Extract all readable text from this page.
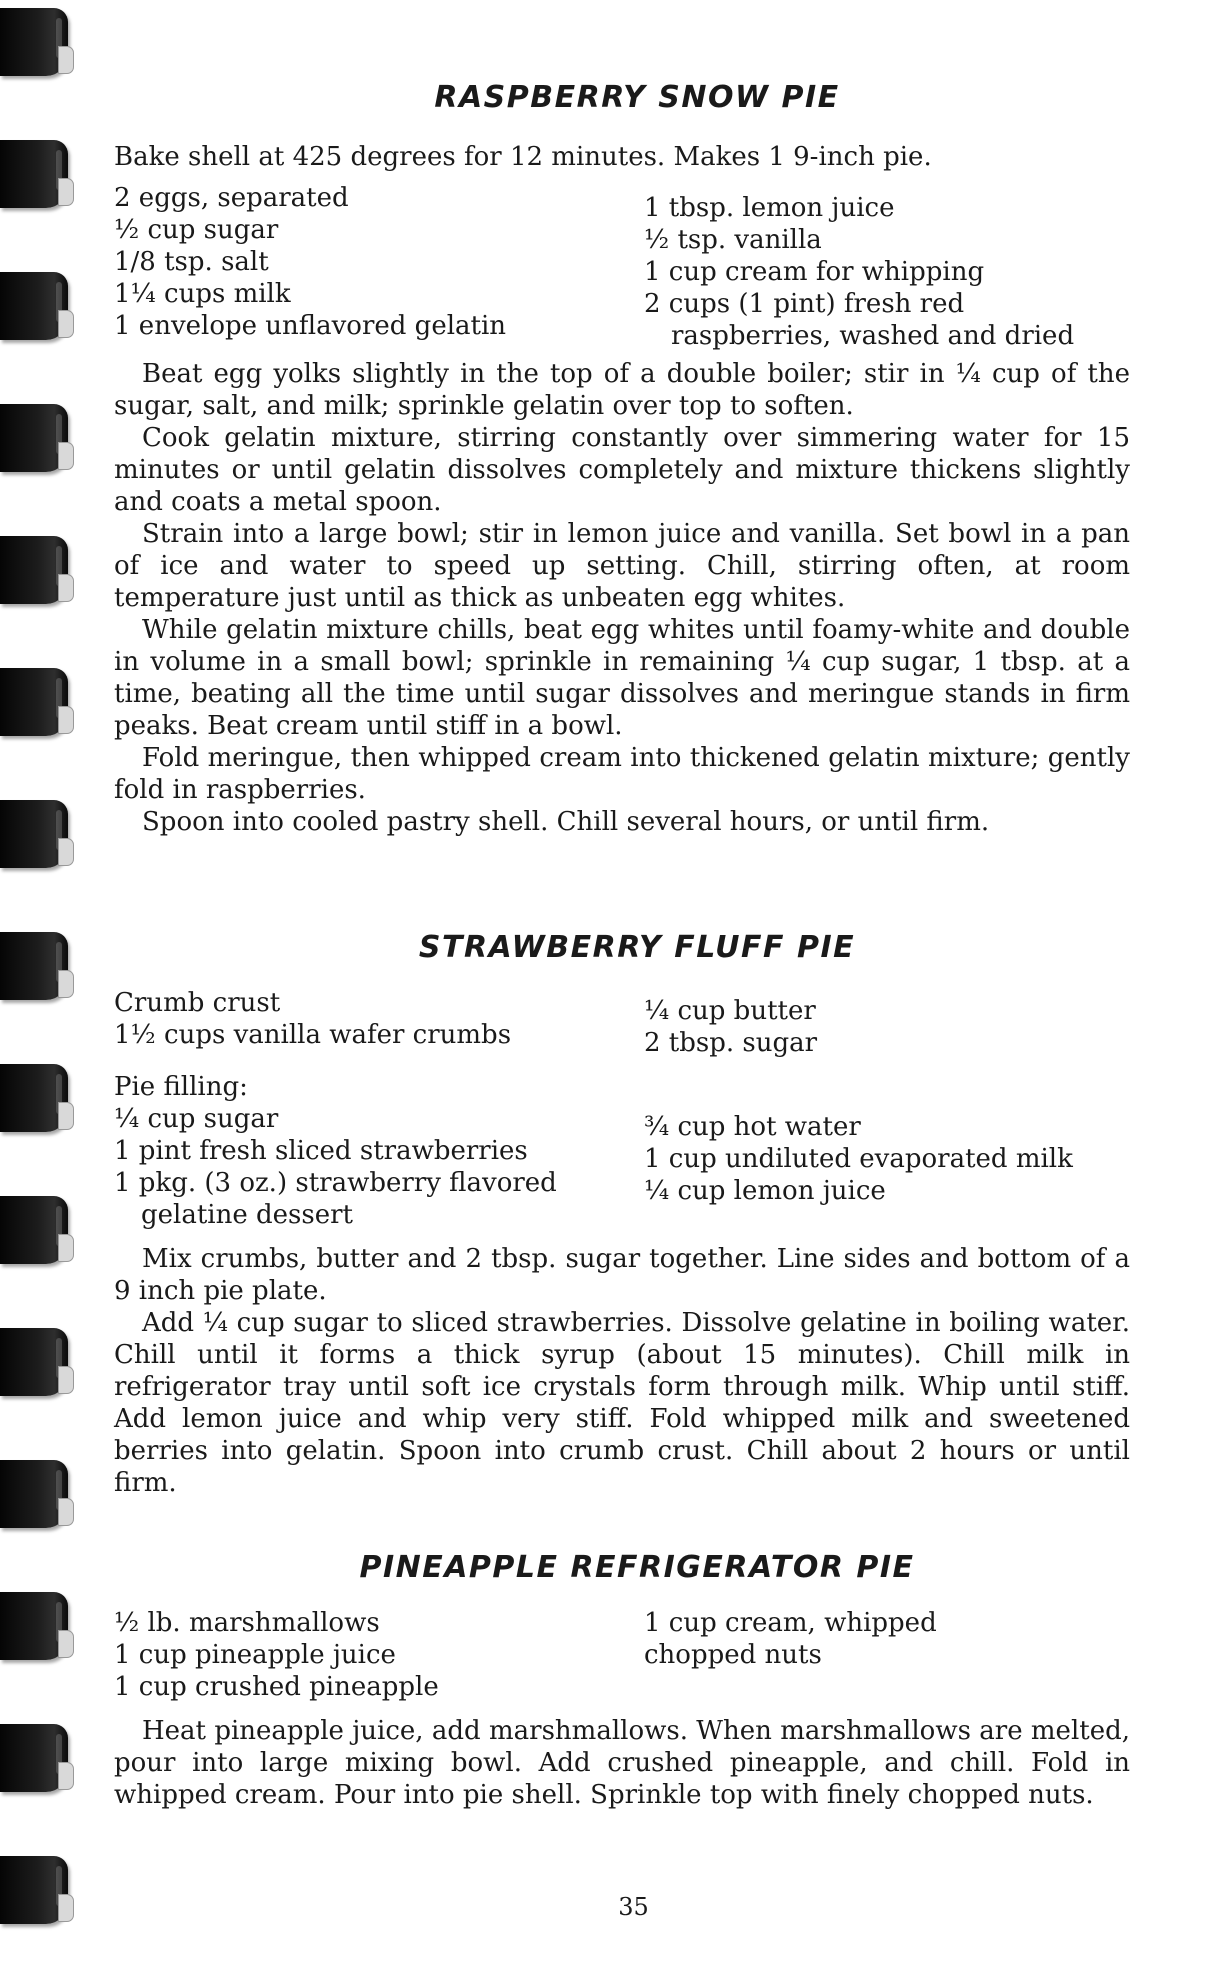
RASPBERRY SNOW PIE
Bake shell at 425 degrees for 12 minutes. Makes 1 9-inch pie.
2 eggs, separated
½ cup sugar
1/8 tsp. salt
1¼ cups milk
1 envelope unflavored gelatin
1 tbsp. lemon juice
½ tsp. vanilla
1 cup cream for whipping
2 cups (1 pint) fresh red
raspberries, washed and dried

Beat egg yolks slightly in the top of a double boiler; stir in ¼ cup of the sugar, salt, and milk; sprinkle gelatin over top to soften.

Cook gelatin mixture, stirring constantly over simmering water for 15 minutes or until gelatin dissolves completely and mixture thickens slightly and coats a metal spoon.

Strain into a large bowl; stir in lemon juice and vanilla. Set bowl in a pan of ice and water to speed up setting. Chill, stirring often, at room temperature just until as thick as unbeaten egg whites.

While gelatin mixture chills, beat egg whites until foamy-white and double in volume in a small bowl; sprinkle in remaining ¼ cup sugar, 1 tbsp. at a time, beating all the time until sugar dissolves and meringue stands in firm peaks. Beat cream until stiff in a bowl.

Fold meringue, then whipped cream into thickened gelatin mixture; gently fold in raspberries.

Spoon into cooled pastry shell. Chill several hours, or until firm.

STRAWBERRY FLUFF PIE
Crumb crust
1½ cups vanilla wafer crumbs
¼ cup butter
2 tbsp. sugar
Pie filling:
¼ cup sugar
1 pint fresh sliced strawberries
1 pkg. (3 oz.) strawberry flavored
gelatine dessert
¾ cup hot water
1 cup undiluted evaporated milk
¼ cup lemon juice

Mix crumbs, butter and 2 tbsp. sugar together. Line sides and bottom of a 9 inch pie plate.

Add ¼ cup sugar to sliced strawberries. Dissolve gelatine in boiling water. Chill until it forms a thick syrup (about 15 minutes). Chill milk in refrigerator tray until soft ice crystals form through milk. Whip until stiff. Add lemon juice and whip very stiff. Fold whipped milk and sweetened berries into gelatin. Spoon into crumb crust. Chill about 2 hours or until firm.

PINEAPPLE REFRIGERATOR PIE
½ lb. marshmallows
1 cup pineapple juice
1 cup crushed pineapple
1 cup cream, whipped
chopped nuts

Heat pineapple juice, add marshmallows. When marshmallows are melted, pour into large mixing bowl. Add crushed pineapple, and chill. Fold in whipped cream. Pour into pie shell. Sprinkle top with finely chopped nuts.

35
